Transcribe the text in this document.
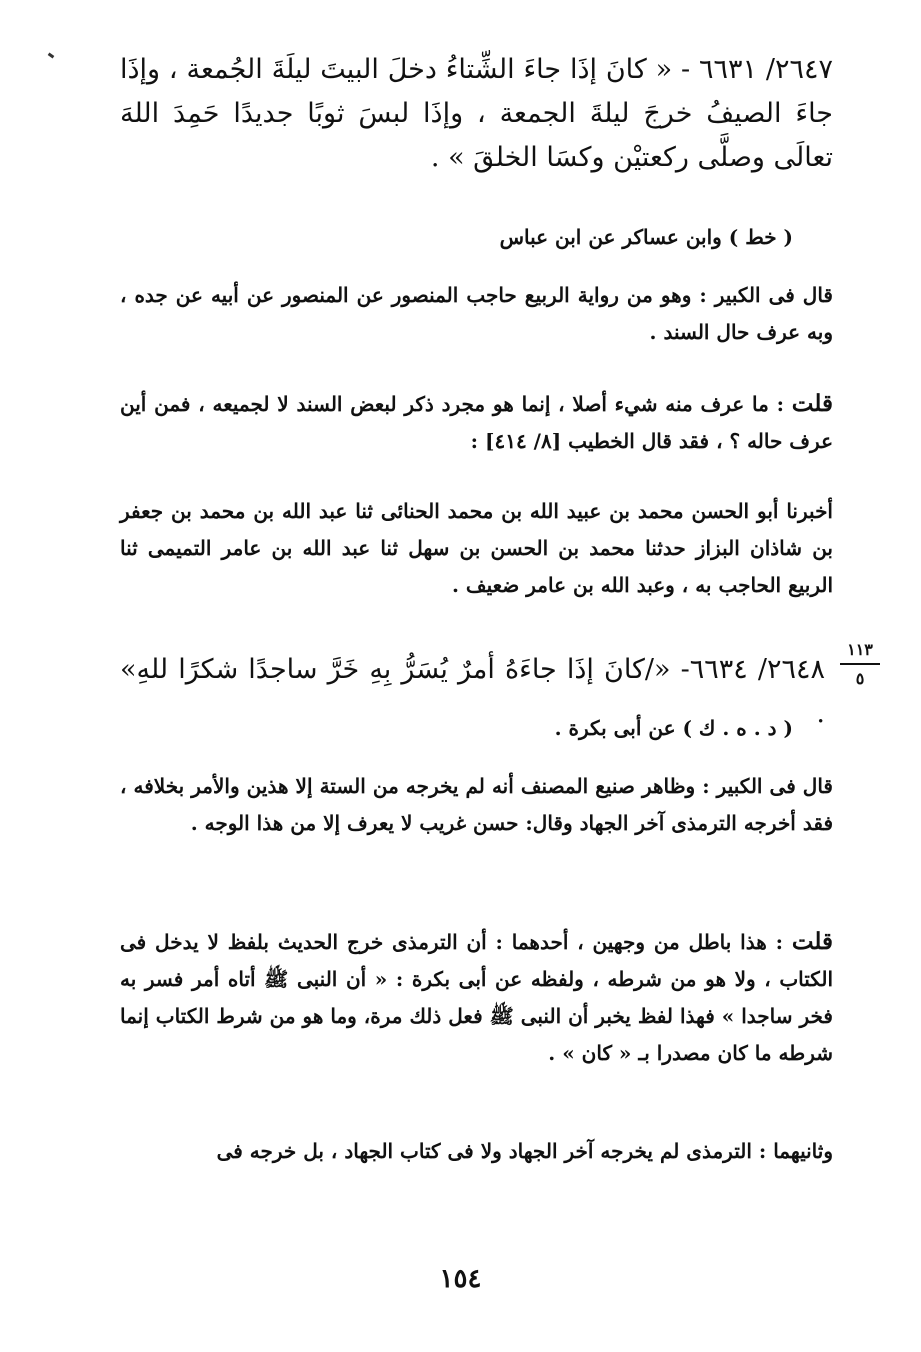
٢٦٤٧/ ٦٦٣١ - « كانَ إذَا جاءَ الشِّتاءُ دخلَ البيتَ ليلَةَ الجُمعة ، وإذَا جاءَ الصيفُ خرجَ ليلةَ الجمعة ، وإذَا لبسَ ثوبًا جديدًا حَمِدَ اللهَ تعالَى وصلَّى ركعتيْن وكسَا الخلقَ » .
( خط ) وابن عساكر عن ابن عباس
قال فى الكبير : وهو من رواية الربيع حاجب المنصور عن المنصور عن أبيه عن جده ، وبه عرف حال السند .
قلت : ما عرف منه شيء أصلا ، إنما هو مجرد ذكر لبعض السند لا لجميعه ، فمن أين عرف حاله ؟ ، فقد قال الخطيب [٨/ ٤١٤] :
أخبرنا أبو الحسن محمد بن عبيد الله بن محمد الحنائى ثنا عبد الله بن محمد بن جعفر بن شاذان البزاز حدثنا محمد بن الحسن بن سهل ثنا عبد الله بن عامر التميمى ثنا الربيع الحاجب به ، وعبد الله بن عامر ضعيف .
١١٣
٥
٢٦٤٨/ ٦٦٣٤- «/كانَ إذَا جاءَهُ أمرٌ يُسَرُّ بِهِ خَرَّ ساجدًا شكرًا للهِ» .
( د . ه . ك ) عن أبى بكرة .
قال فى الكبير : وظاهر صنيع المصنف أنه لم يخرجه من الستة إلا هذين والأمر بخلافه ، فقد أخرجه الترمذى آخر الجهاد وقال: حسن غريب لا يعرف إلا من هذا الوجه .
قلت : هذا باطل من وجهين ، أحدهما : أن الترمذى خرج الحديث بلفظ لا يدخل فى الكتاب ، ولا هو من شرطه ، ولفظه عن أبى بكرة : « أن النبى ﷺ أتاه أمر فسر به فخر ساجدا » فهذا لفظ يخبر أن النبى ﷺ فعل ذلك مرة، وما هو من شرط الكتاب إنما شرطه ما كان مصدرا بـ « كان » .
وثانيهما : الترمذى لم يخرجه آخر الجهاد ولا فى كتاب الجهاد ، بل خرجه فى
١٥٤
